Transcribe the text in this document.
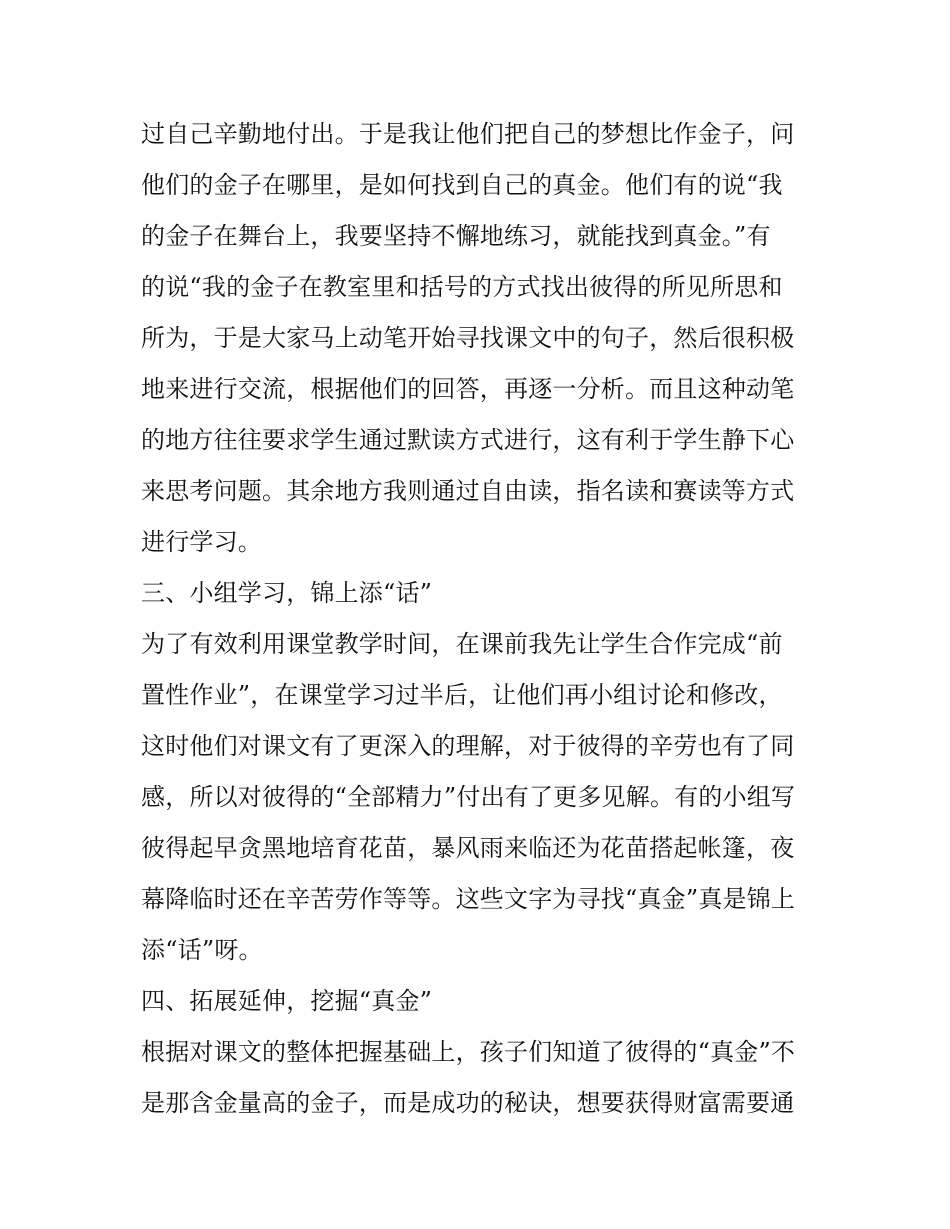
过自己辛勤地付出。于是我让他们把自己的梦想比作金子，问
他们的金子在哪里，是如何找到自己的真金。他们有的说“我
的金子在舞台上，我要坚持不懈地练习，就能找到真金。”有
的说“我的金子在教室里和括号的方式找出彼得的所见所思和
所为，于是大家马上动笔开始寻找课文中的句子，然后很积极
地来进行交流，根据他们的回答，再逐一分析。而且这种动笔
的地方往往要求学生通过默读方式进行，这有利于学生静下心
来思考问题。其余地方我则通过自由读，指名读和赛读等方式
进行学习。
三、小组学习，锦上添“话”
为了有效利用课堂教学时间，在课前我先让学生合作完成“前
置性作业”，在课堂学习过半后，让他们再小组讨论和修改，
这时他们对课文有了更深入的理解，对于彼得的辛劳也有了同
感，所以对彼得的“全部精力”付出有了更多见解。有的小组写
彼得起早贪黑地培育花苗，暴风雨来临还为花苗搭起帐篷，夜
幕降临时还在辛苦劳作等等。这些文字为寻找“真金”真是锦上
添“话”呀。
四、拓展延伸，挖掘“真金”
根据对课文的整体把握基础上，孩子们知道了彼得的“真金”不
是那含金量高的金子，而是成功的秘诀，想要获得财富需要通
